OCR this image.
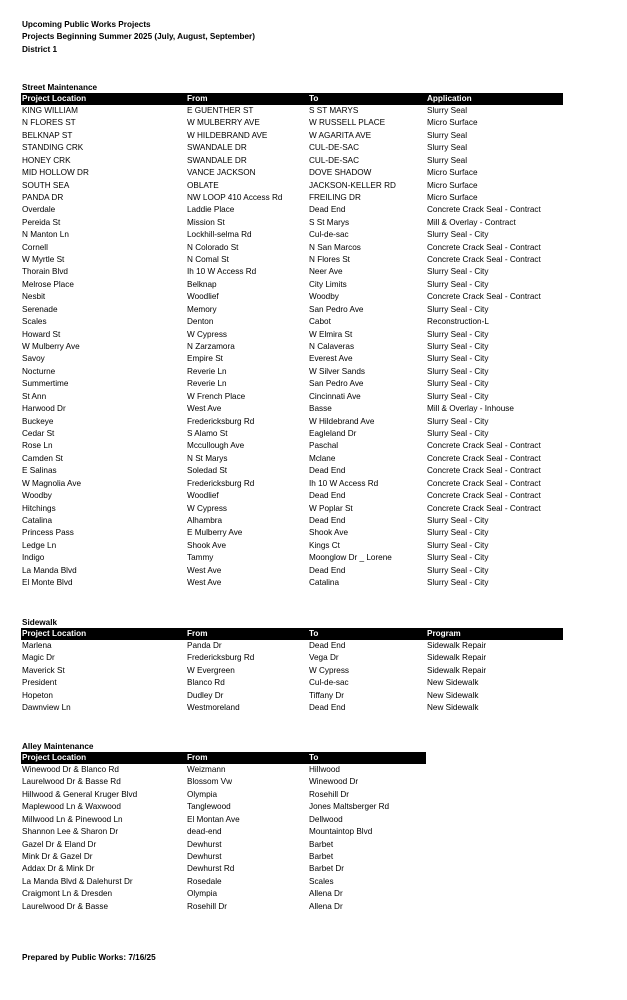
Upcoming Public Works Projects
Projects Beginning Summer 2025 (July, August, September)
District 1
Street Maintenance
Project Location	From	To	Application
KING WILLIAM	E GUENTHER ST	S ST MARYS	Slurry Seal
N FLORES ST	W MULBERRY AVE	W RUSSELL PLACE	Micro Surface
BELKNAP ST	W HILDEBRAND AVE	W AGARITA AVE	Slurry Seal
STANDING CRK	SWANDALE DR	CUL-DE-SAC	Slurry Seal
HONEY CRK	SWANDALE DR	CUL-DE-SAC	Slurry Seal
MID HOLLOW DR	VANCE JACKSON	DOVE SHADOW	Micro Surface
SOUTH SEA	OBLATE	JACKSON-KELLER RD	Micro Surface
PANDA DR	NW LOOP 410 Access Rd	FREILING DR	Micro Surface
Overdale	Laddie Place	Dead End	Concrete Crack Seal - Contract
Pereida St	Mission St	S St Marys	Mill & Overlay - Contract
N Manton Ln	Lockhill-selma Rd	Cul-de-sac	Slurry Seal - City
Cornell	N Colorado St	N San Marcos	Concrete Crack Seal - Contract
W Myrtle St	N Comal St	N Flores St	Concrete Crack Seal - Contract
Thorain Blvd	Ih 10 W Access Rd	Neer Ave	Slurry Seal - City
Melrose Place	Belknap	City Limits	Slurry Seal - City
Nesbit	Woodlief	Woodby	Concrete Crack Seal - Contract
Serenade	Memory	San Pedro Ave	Slurry Seal - City
Scales	Denton	Cabot	Reconstruction-L
Howard St	W Cypress	W Elmira St	Slurry Seal - City
W Mulberry Ave	N Zarzamora	N Calaveras	Slurry Seal - City
Savoy	Empire St	Everest Ave	Slurry Seal - City
Nocturne	Reverie Ln	W Silver Sands	Slurry Seal - City
Summertime	Reverie Ln	San Pedro Ave	Slurry Seal - City
St Ann	W French Place	Cincinnati Ave	Slurry Seal - City
Harwood Dr	West Ave	Basse	Mill & Overlay - Inhouse
Buckeye	Fredericksburg Rd	W Hildebrand Ave	Slurry Seal - City
Cedar St	S Alamo St	Eagleland Dr	Slurry Seal - City
Rose Ln	Mccullough Ave	Paschal	Concrete Crack Seal - Contract
Camden St	N St Marys	Mclane	Concrete Crack Seal - Contract
E Salinas	Soledad St	Dead End	Concrete Crack Seal - Contract
W Magnolia Ave	Fredericksburg Rd	Ih 10 W Access Rd	Concrete Crack Seal - Contract
Woodby	Woodlief	Dead End	Concrete Crack Seal - Contract
Hitchings	W Cypress	W Poplar St	Concrete Crack Seal - Contract
Catalina	Alhambra	Dead End	Slurry Seal - City
Princess Pass	E Mulberry Ave	Shook Ave	Slurry Seal - City
Ledge Ln	Shook Ave	Kings Ct	Slurry Seal - City
Indigo	Tammy	Moonglow Dr _ Lorene	Slurry Seal - City
La Manda Blvd	West Ave	Dead End	Slurry Seal - City
El Monte Blvd	West Ave	Catalina	Slurry Seal - City
Sidewalk
Project Location	From	To	Program
Marlena	Panda Dr	Dead End	Sidewalk Repair
Magic Dr	Fredericksburg Rd	Vega Dr	Sidewalk Repair
Maverick St	W Evergreen	W Cypress	Sidewalk Repair
President	Blanco Rd	Cul-de-sac	New Sidewalk
Hopeton	Dudley Dr	Tiffany Dr	New Sidewalk
Dawnview Ln	Westmoreland	Dead End	New Sidewalk
Alley Maintenance
Project Location	From	To
Winewood Dr & Blanco Rd	Weizmann	Hillwood
Laurelwood Dr & Basse Rd	Blossom Vw	Winewood Dr
Hillwood & General Kruger Blvd	Olympia	Rosehill Dr
Maplewood Ln & Waxwood	Tanglewood	Jones Maltsberger Rd
Millwood Ln & Pinewood Ln	El Montan Ave	Dellwood
Shannon Lee & Sharon Dr	dead-end	Mountaintop Blvd
Gazel Dr & Eland Dr	Dewhurst	Barbet
Mink Dr & Gazel Dr	Dewhurst	Barbet
Addax Dr & Mink Dr	Dewhurst Rd	Barbet Dr
La Manda Blvd & Dalehurst Dr	Rosedale	Scales
Craigmont Ln & Dresden	Olympia	Allena Dr
Laurelwood Dr & Basse	Rosehill Dr	Allena Dr
Prepared by Public Works: 7/16/25
